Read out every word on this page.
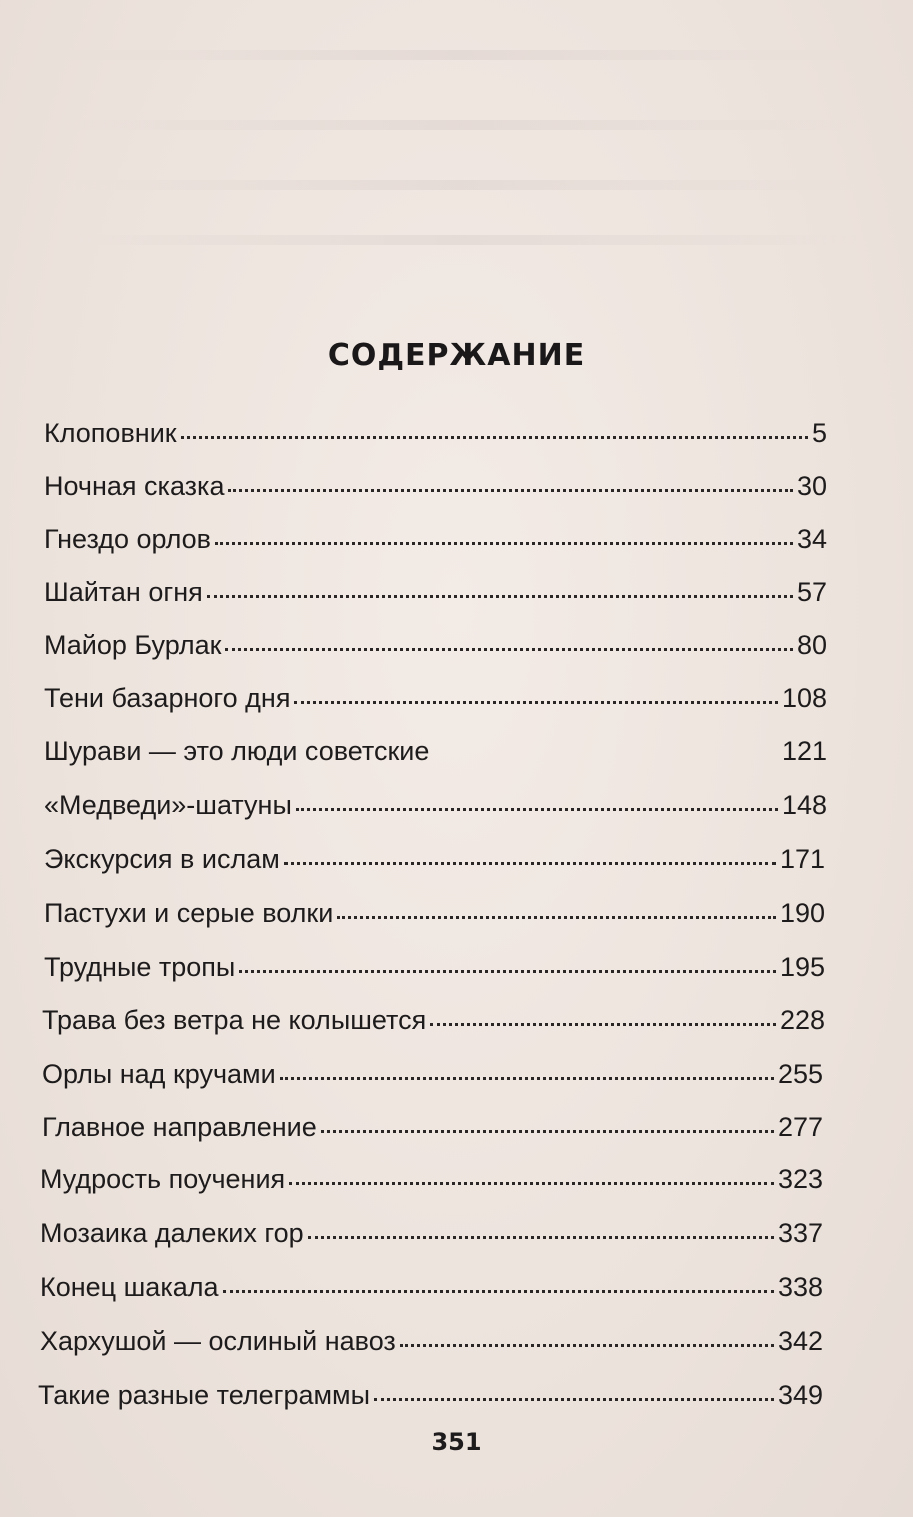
СОДЕРЖАНИЕ
Клоповник	5
Ночная сказка	30
Гнездо орлов	34
Шайтан огня	57
Майор Бурлак	80
Тени базарного дня	108
Шурави — это люди советские	121
«Медведи»-шатуны	148
Экскурсия в ислам	171
Пастухи и серые волки	190
Трудные тропы	195
Трава без ветра не колышется	228
Орлы над кручами	255
Главное направление	277
Мудрость поучения	323
Мозаика далеких гор	337
Конец шакала	338
Хархушой — ослиный навоз	342
Такие разные телеграммы	349
351
